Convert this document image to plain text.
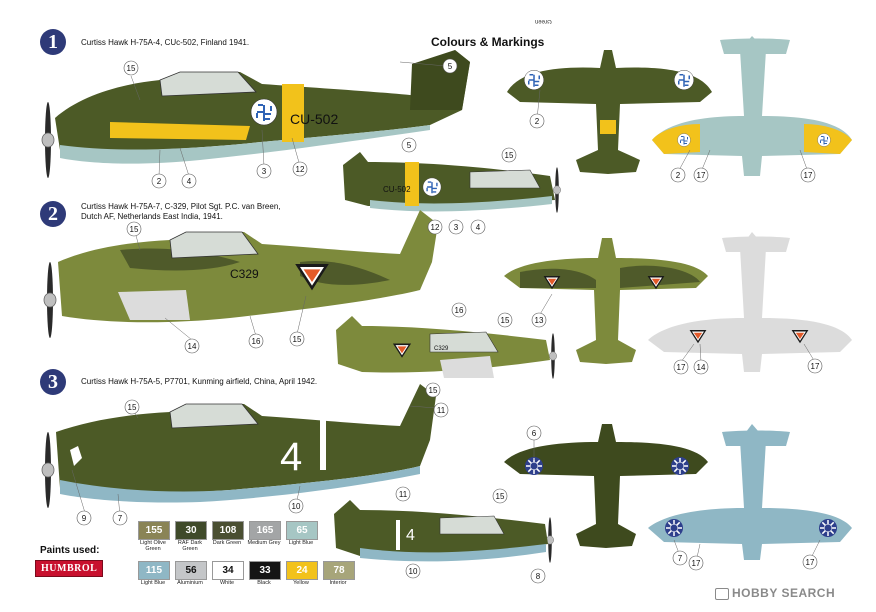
CU-502
CU-502
C329
C329
P7701
4
4
15	5
2	4
3	12
5
15
12 3 4
2
2 17	17
15
14
16	15
16
15
15
13
17 14	17
15	11
9	7
10
11	15
10
8
6
7
17	17
Green
Colours & Markings
1	Curtiss Hawk H-75A-4, CUc-502, Finland 1941.
2	Curtiss Hawk H-75A-7, C-329, Pilot Sgt. P.C. van Breen, Dutch AF, Netherlands East India, 1941.
3	Curtiss Hawk H-75A-5, P7701, Kunming airfield, China, April 1942.
Paints used:
HUMBROL
155
Light Olive Green
30
RAF Dark Green
108
Dark Green
165
Medium Grey
65
Light Blue
115
Light Blue
56
Aluminium
34
White
33
Black
24
Yellow
78
Interior
HOBBY SEARCH
